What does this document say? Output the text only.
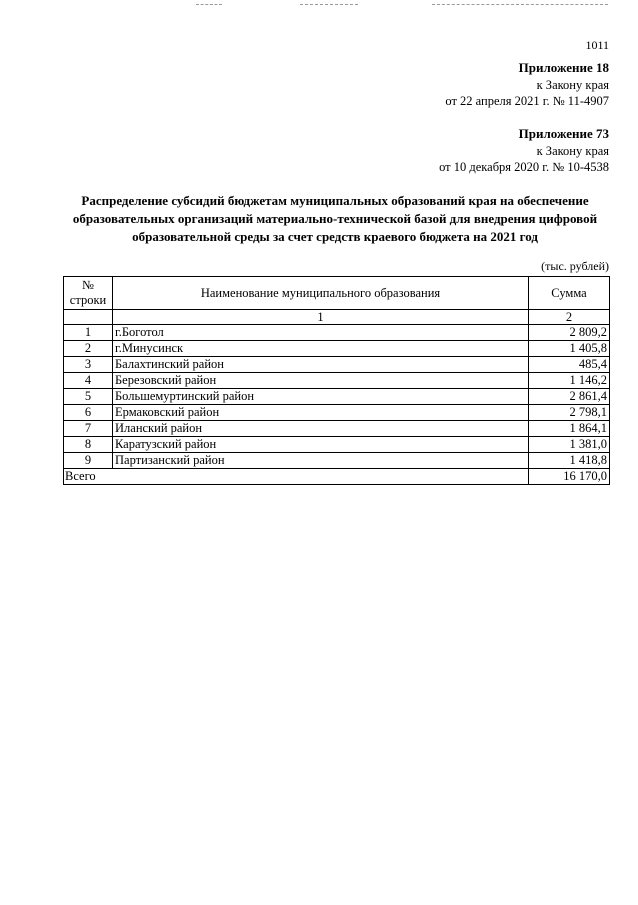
1011
Приложение 18
к Закону края
от 22 апреля 2021 г. № 11-4907
Приложение 73
к Закону края
от 10 декабря 2020 г. № 10-4538
Распределение субсидий бюджетам муниципальных образований края на обеспечение
образовательных организаций материально-технической базой для внедрения цифровой
образовательной среды за счет средств краевого бюджета на 2021 год
(тыс. рублей)
№
строки	Наименование муниципального образования	Сумма
	1	2
1	г.Боготол	2 809,2
2	г.Минусинск	1 405,8
3	Балахтинский район	485,4
4	Березовский район	1 146,2
5	Большемуртинский район	2 861,4
6	Ермаковский район	2 798,1
7	Иланский район	1 864,1
8	Каратузский район	1 381,0
9	Партизанский район	1 418,8
Всего		16 170,0
